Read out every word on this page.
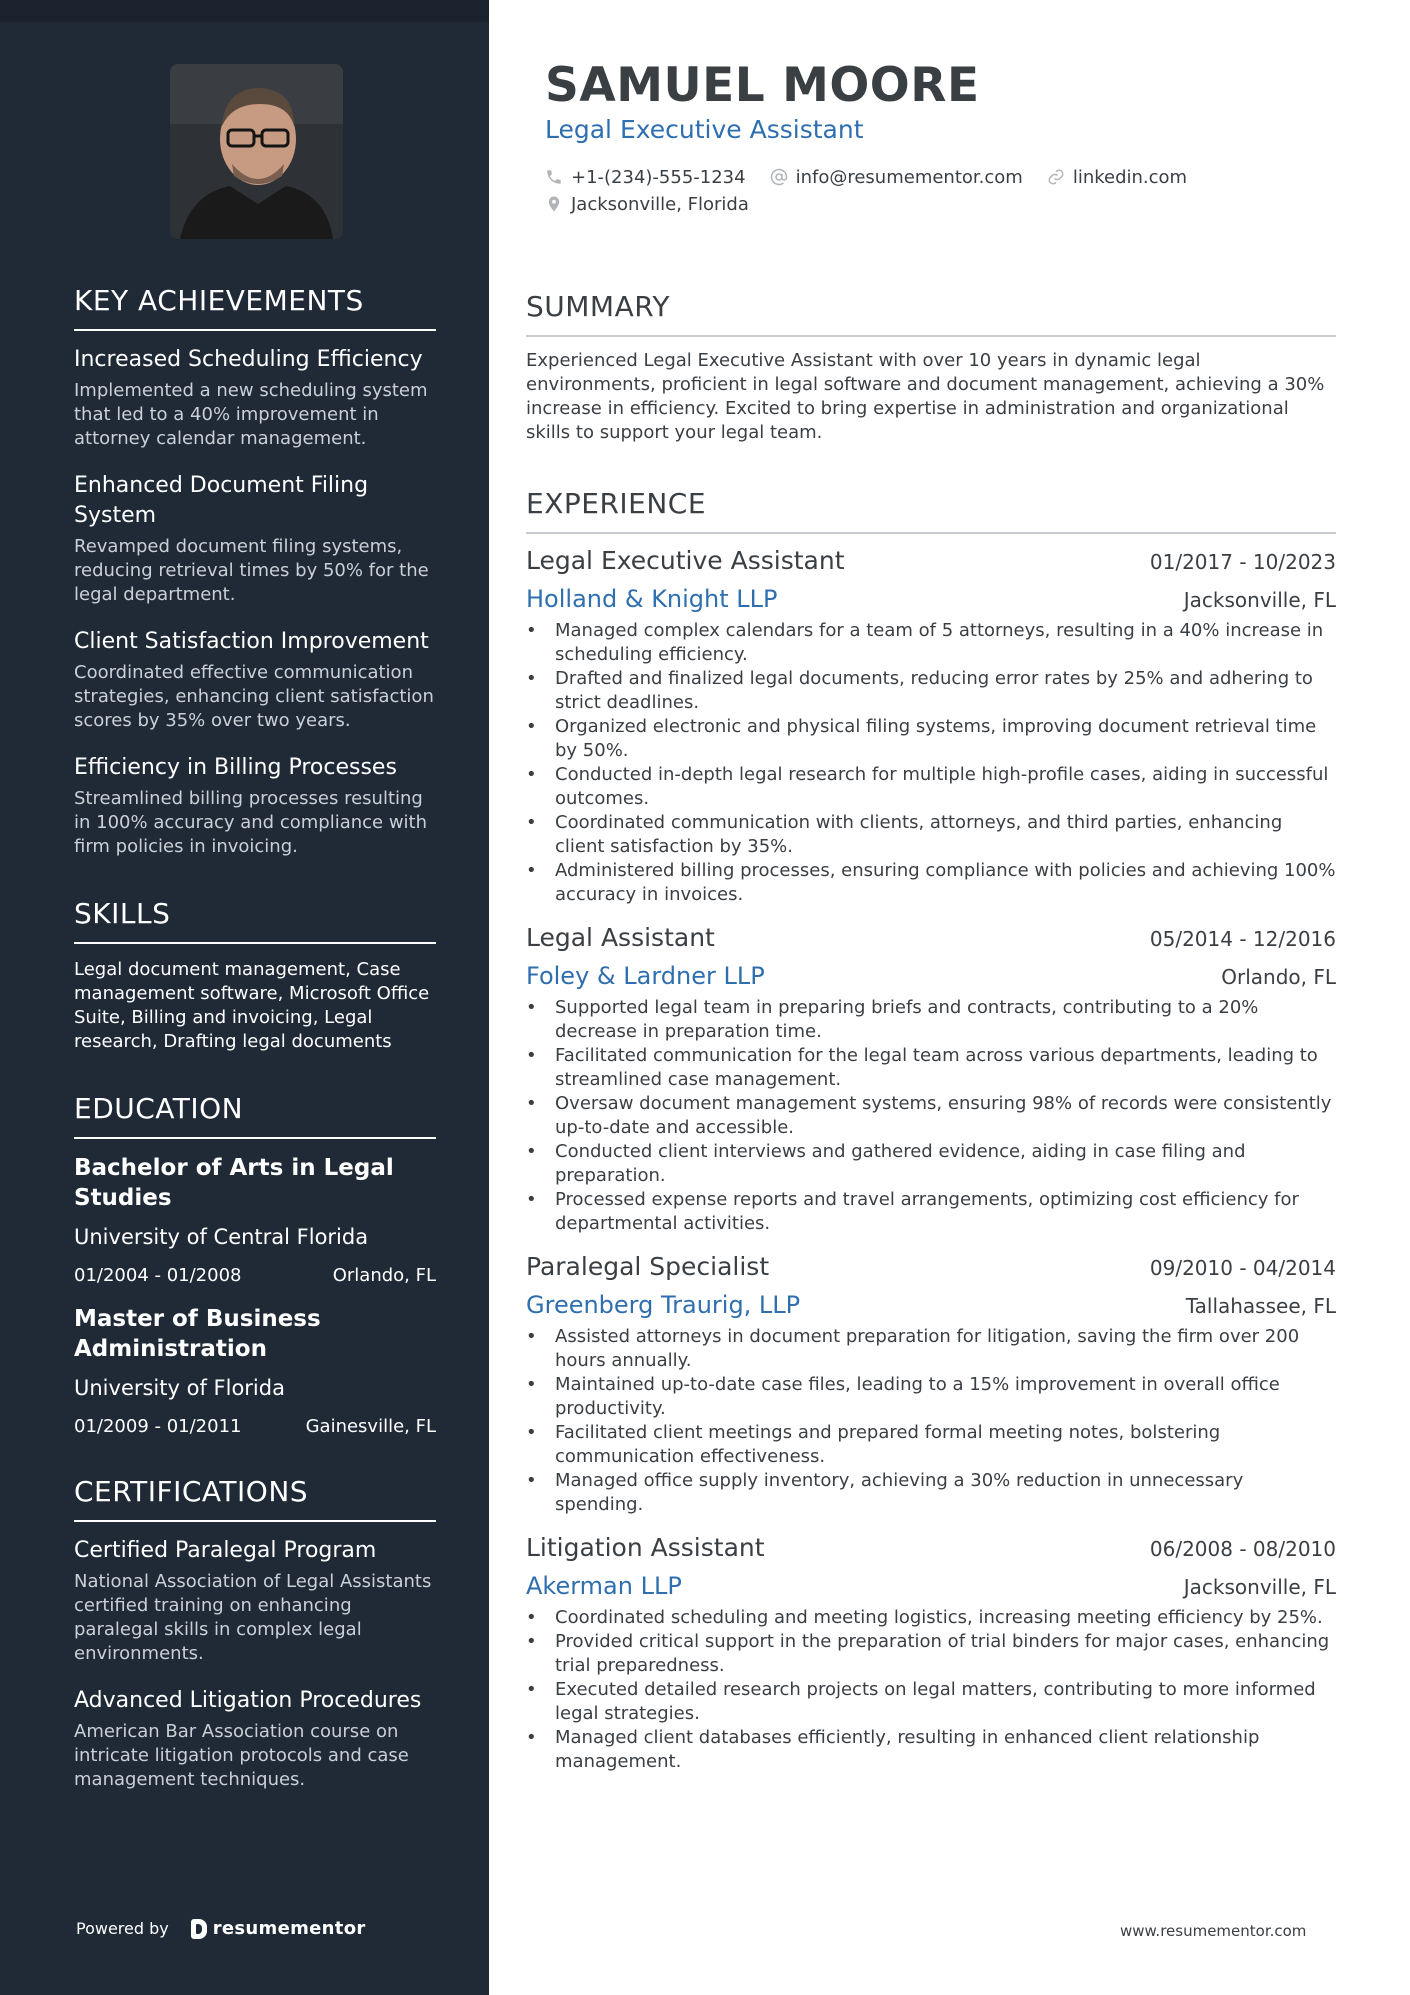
KEY ACHIEVEMENTS
Increased Scheduling Efficiency
Implemented a new scheduling system that led to a 40% improvement in attorney calendar management.
Enhanced Document Filing System
Revamped document filing systems, reducing retrieval times by 50% for the legal department.
Client Satisfaction Improvement
Coordinated effective communication strategies, enhancing client satisfaction scores by 35% over two years.
Efficiency in Billing Processes
Streamlined billing processes resulting in 100% accuracy and compliance with firm policies in invoicing.
SKILLS
Legal document management, Case management software, Microsoft Office Suite, Billing and invoicing, Legal research, Drafting legal documents
EDUCATION
Bachelor of Arts in Legal Studies
University of Central Florida
01/2004 - 01/2008	Orlando, FL
Master of Business Administration
University of Florida
01/2009 - 01/2011	Gainesville, FL
CERTIFICATIONS
Certified Paralegal Program
National Association of Legal Assistants certified training on enhancing paralegal skills in complex legal environments.
Advanced Litigation Procedures
American Bar Association course on intricate litigation protocols and case management techniques.
Powered by resumementor
SAMUEL MOORE
Legal Executive Assistant
+1-(234)-555-1234	info@resumementor.com	linkedin.com
Jacksonville, Florida
SUMMARY
Experienced Legal Executive Assistant with over 10 years in dynamic legal environments, proficient in legal software and document management, achieving a 30% increase in efficiency. Excited to bring expertise in administration and organizational skills to support your legal team.
EXPERIENCE
Legal Executive Assistant	01/2017 - 10/2023
Holland & Knight LLP	Jacksonville, FL
• Managed complex calendars for a team of 5 attorneys, resulting in a 40% increase in scheduling efficiency.
• Drafted and finalized legal documents, reducing error rates by 25% and adhering to strict deadlines.
• Organized electronic and physical filing systems, improving document retrieval time by 50%.
• Conducted in-depth legal research for multiple high-profile cases, aiding in successful outcomes.
• Coordinated communication with clients, attorneys, and third parties, enhancing client satisfaction by 35%.
• Administered billing processes, ensuring compliance with policies and achieving 100% accuracy in invoices.
Legal Assistant	05/2014 - 12/2016
Foley & Lardner LLP	Orlando, FL
• Supported legal team in preparing briefs and contracts, contributing to a 20% decrease in preparation time.
• Facilitated communication for the legal team across various departments, leading to streamlined case management.
• Oversaw document management systems, ensuring 98% of records were consistently up-to-date and accessible.
• Conducted client interviews and gathered evidence, aiding in case filing and preparation.
• Processed expense reports and travel arrangements, optimizing cost efficiency for departmental activities.
Paralegal Specialist	09/2010 - 04/2014
Greenberg Traurig, LLP	Tallahassee, FL
• Assisted attorneys in document preparation for litigation, saving the firm over 200 hours annually.
• Maintained up-to-date case files, leading to a 15% improvement in overall office productivity.
• Facilitated client meetings and prepared formal meeting notes, bolstering communication effectiveness.
• Managed office supply inventory, achieving a 30% reduction in unnecessary spending.
Litigation Assistant	06/2008 - 08/2010
Akerman LLP	Jacksonville, FL
• Coordinated scheduling and meeting logistics, increasing meeting efficiency by 25%.
• Provided critical support in the preparation of trial binders for major cases, enhancing trial preparedness.
• Executed detailed research projects on legal matters, contributing to more informed legal strategies.
• Managed client databases efficiently, resulting in enhanced client relationship management.
www.resumementor.com
